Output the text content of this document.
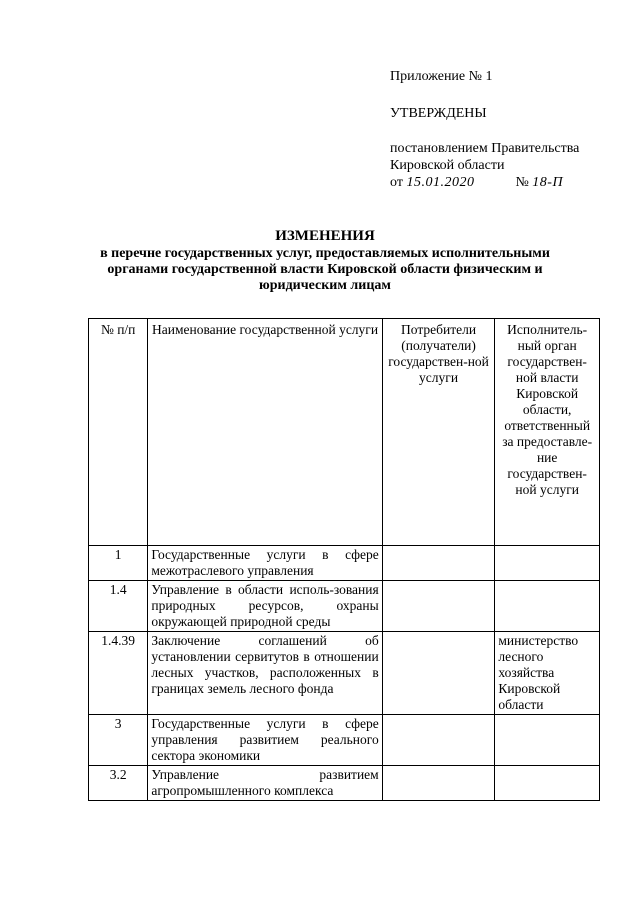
Приложение № 1

УТВЕРЖДЕНЫ

постановлением Правительства

Кировской области

от 15.01.2020	№ 18-П

ИЗМЕНЕНИЯ
в перечне государственных услуг, предоставляемых исполнительными органами государственной власти Кировской области физическим и юридическим лицам
№ п/п	Наименование государственной услуги	Потребители (получатели) государствен-ной услуги	Исполнитель-ный орган государствен-ной власти Кировской области, ответственный за предоставле-ние государствен-ной услуги
1	Государственные услуги в сфере межотраслевого управления		
1.4	Управление в области исполь-зования природных ресурсов, охраны окружающей природной среды		
1.4.39	Заключение соглашений об установлении сервитутов в отношении лесных участков, расположенных в границах земель лесного фонда		министерство лесного хозяйства Кировской области
3	Государственные услуги в сфере управления развитием реального сектора экономики		
3.2	Управление развитием агропромышленного комплекса		
